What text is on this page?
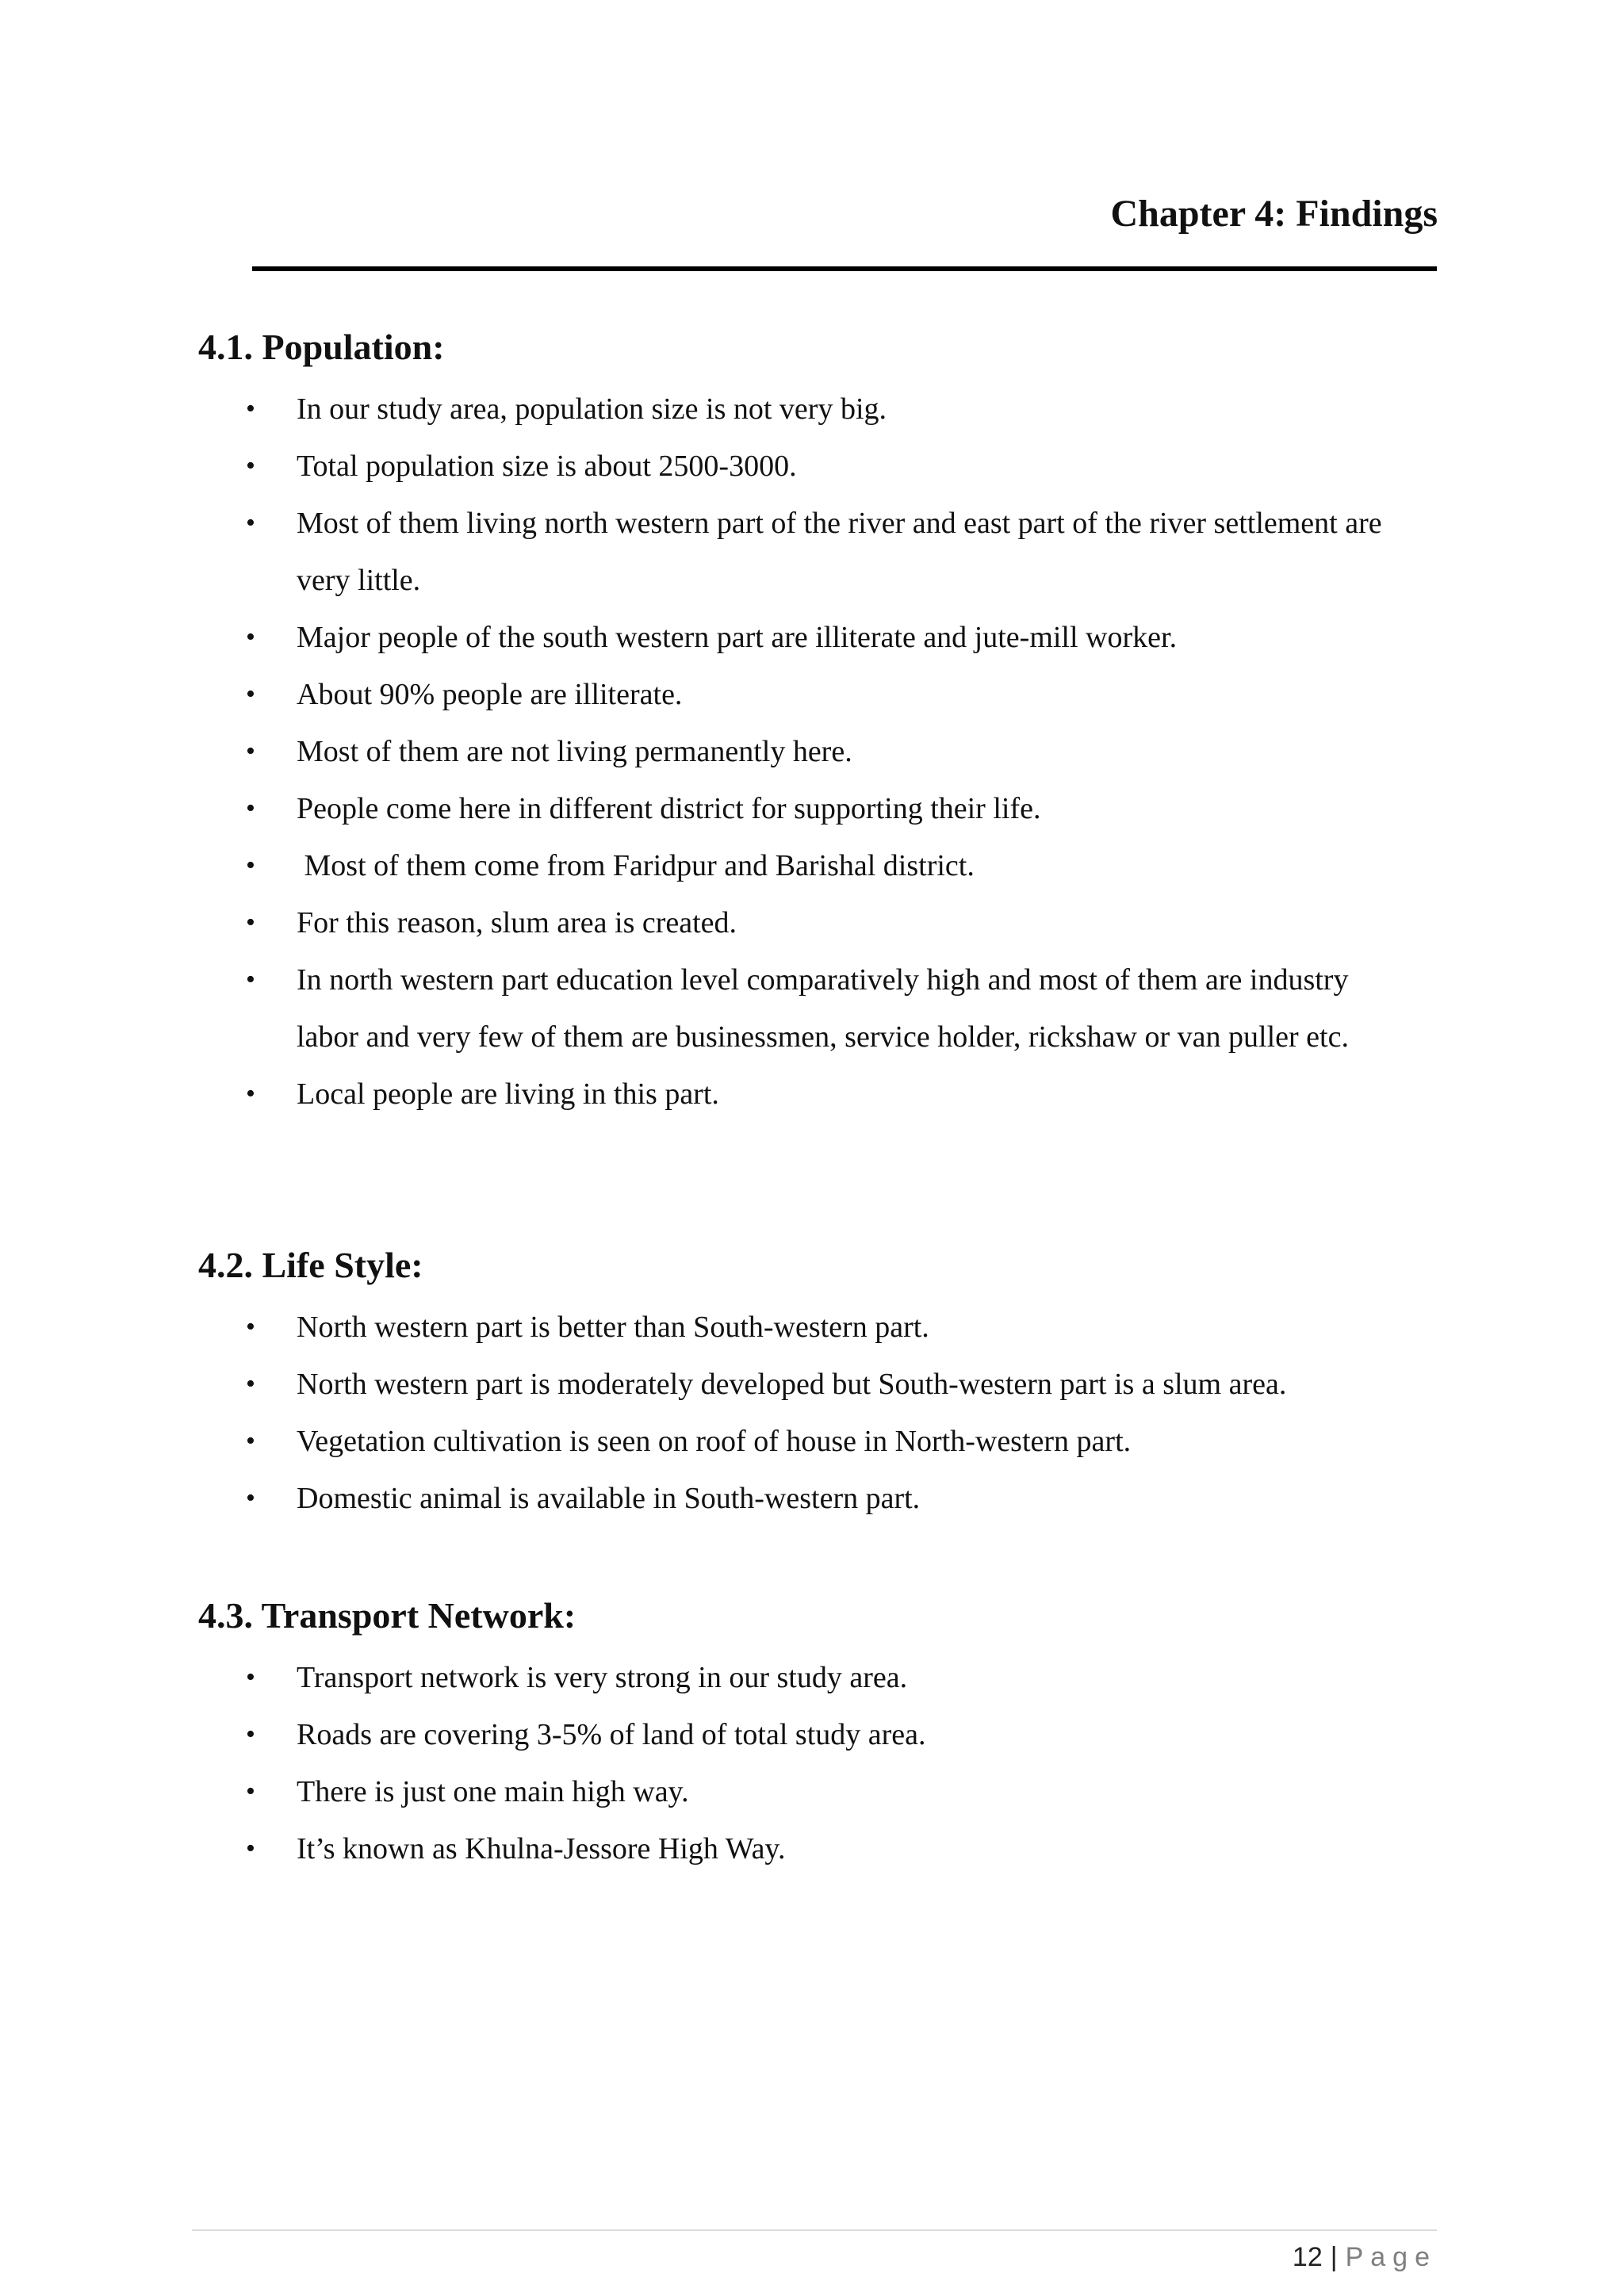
Chapter 4: Findings
4.1. Population:
• In our study area, population size is not very big.
• Total population size is about 2500-3000.
• Most of them living north western part of the river and east part of the river settlement are very little.
• Major people of the south western part are illiterate and jute-mill worker.
• About 90% people are illiterate.
• Most of them are not living permanently here.
• People come here in different district for supporting their life.
• Most of them come from Faridpur and Barishal district.
• For this reason, slum area is created.
• In north western part education level comparatively high and most of them are industry labor and very few of them are businessmen, service holder, rickshaw or van puller etc.
• Local people are living in this part.
4.2. Life Style:
• North western part is better than South-western part.
• North western part is moderately developed but South-western part is a slum area.
• Vegetation cultivation is seen on roof of house in North-western part.
• Domestic animal is available in South-western part.
4.3. Transport Network:
• Transport network is very strong in our study area.
• Roads are covering 3-5% of land of total study area.
• There is just one main high way.
• It’s known as Khulna-Jessore High Way.
12 | Page
